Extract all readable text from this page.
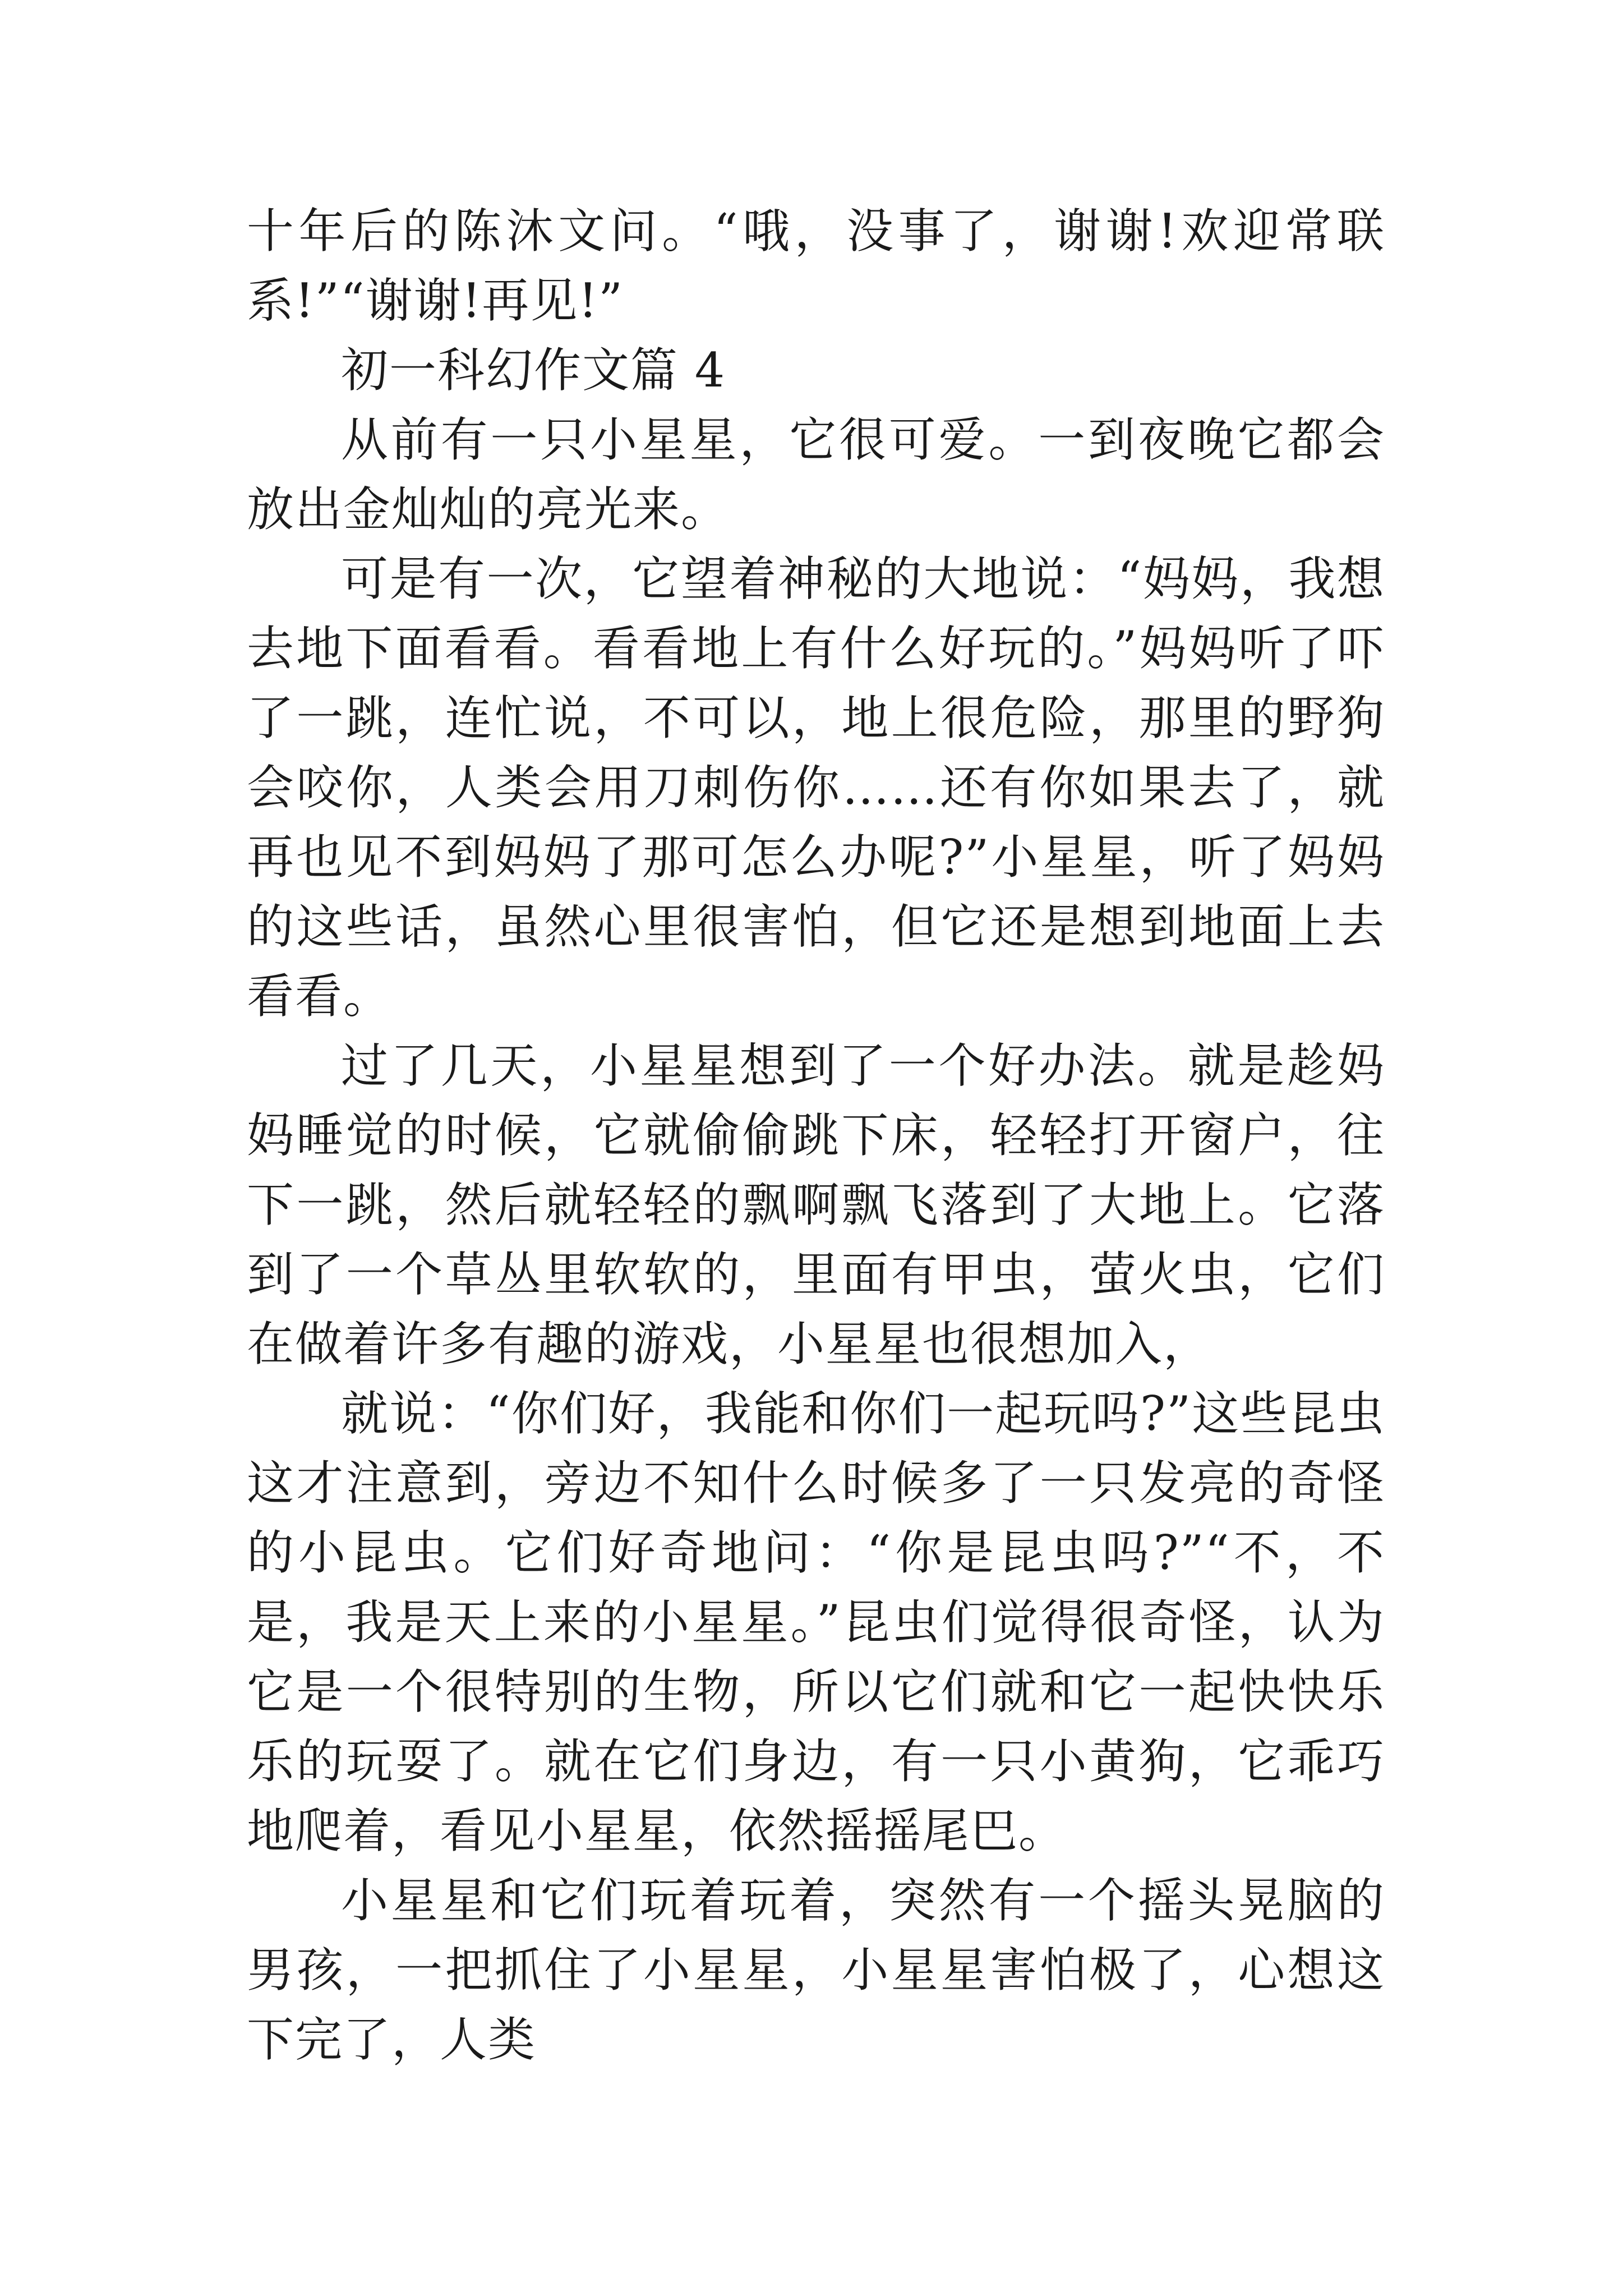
十年后的陈沐文问。“哦，没事了，谢谢!欢迎常联系!”“谢谢!再见!”

初一科幻作文篇 4

从前有一只小星星，它很可爱。一到夜晚它都会放出金灿灿的亮光来。

可是有一次，它望着神秘的大地说：“妈妈，我想去地下面看看。看看地上有什么好玩的。”妈妈听了吓了一跳，连忙说，不可以，地上很危险，那里的野狗会咬你，人类会用刀刺伤你……还有你如果去了，就再也见不到妈妈了那可怎么办呢?”小星星，听了妈妈的这些话，虽然心里很害怕，但它还是想到地面上去看看。

过了几天，小星星想到了一个好办法。就是趁妈妈睡觉的时候，它就偷偷跳下床，轻轻打开窗户，往下一跳，然后就轻轻的飘啊飘飞落到了大地上。它落到了一个草丛里软软的，里面有甲虫，萤火虫，它们在做着许多有趣的游戏，小星星也很想加入，

就说：“你们好，我能和你们一起玩吗?”这些昆虫这才注意到，旁边不知什么时候多了一只发亮的奇怪的小昆虫。它们好奇地问：“你是昆虫吗?”“不，不是，我是天上来的小星星。”昆虫们觉得很奇怪，认为它是一个很特别的生物，所以它们就和它一起快快乐乐的玩耍了。就在它们身边，有一只小黄狗，它乖巧地爬着，看见小星星，依然摇摇尾巴。

小星星和它们玩着玩着，突然有一个摇头晃脑的男孩，一把抓住了小星星，小星星害怕极了，心想这下完了，人类
